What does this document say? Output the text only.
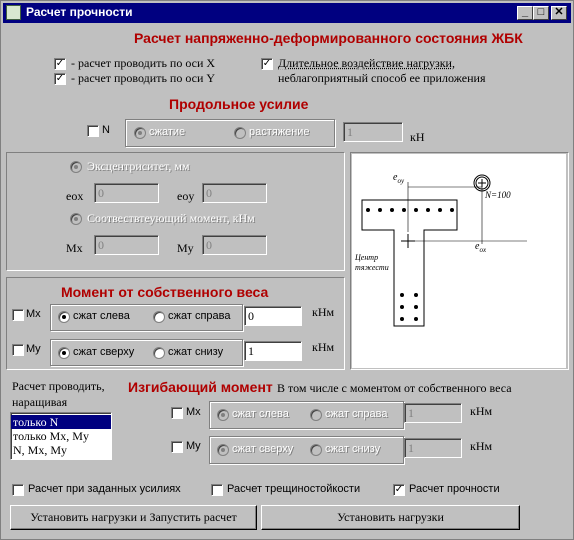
Расчет прочности	_ □ ✕
Расчет напряженно-деформированного состояния ЖБК
✓ - расчет проводить по оси X
✓ - расчет проводить по оси Y
✓ Длительное воздействие нагрузки,
неблагоприятный способ ее приложения
Продольное усилие
N	сжатие	растяжение	1	кН
Эксцентриситет, мм
eox	0	eoy 0
Соотвествтеующий момент, кНм
Mx	0	My	0
$e_{oy}$
$e_{ox}$
N=100
Центр
тяжести
Момент от собственного веса
Mx	сжат слева	сжат справа	0	кНм
My	сжат сверху	сжат снизу	1	кНм
Расчет проводить,
наращивая
только N
только Mx, My
N, Mx, My
Изгибающий момент В том числе с моментом от собственного веса
Mx	сжат слева	сжат справа	1	кНм
My	сжат сверху	сжат снизу	1	кНм
Расчет при заданных усилиях	Расчет трещиностойкости	✓ Расчет прочности
Установить нагрузки и Запустить расчет	Установить нагрузки
